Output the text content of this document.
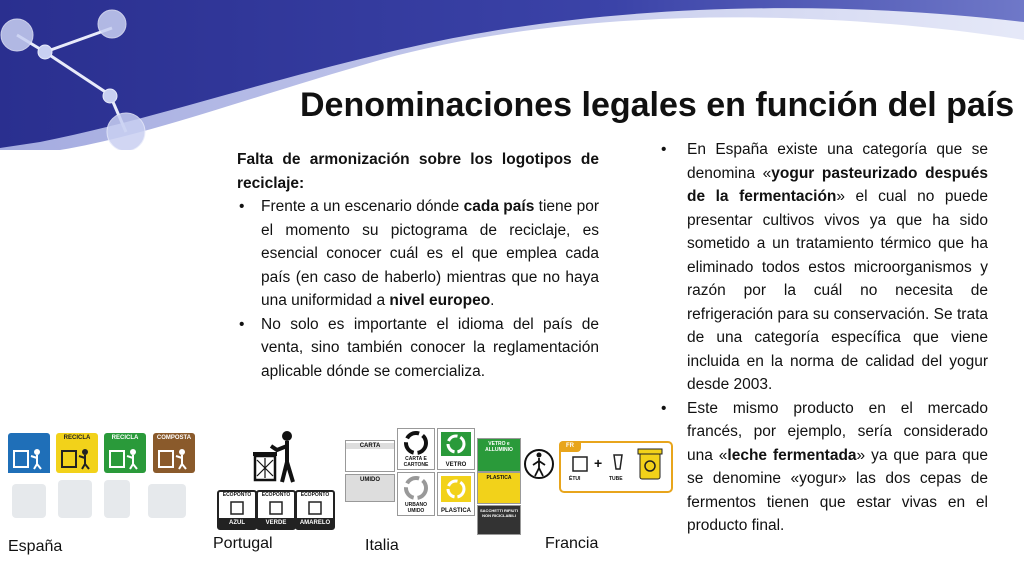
Denominaciones legales en función del país
Falta de armonización sobre los logotipos de reciclaje:
• Frente a un escenario dónde cada país tiene por el momento su pictograma de reciclaje, es esencial conocer cuál es el que emplea cada país (en caso de haberlo) mientras que no haya una uniformidad a nivel europeo.
• No solo es importante el idioma del país de venta, sino también conocer la reglamentación aplicable dónde se comercializa.
• En España existe una categoría que se denomina «yogur pasteurizado después de la fermentación» el cual no puede presentar cultivos vivos ya que ha sido sometido a un tratamiento térmico que ha eliminado todos estos microorganismos y razón por la cuál no necesita de refrigeración para su conservación. Se trata de una categoría específica que viene incluida en la norma de calidad del yogur desde 2003.
• Este mismo producto en el mercado francés, por ejemplo, sería considerado una «leche fermentada» ya que para que se denomine «yogur» las dos cepas de fermentos tienen que estar vivas en el producto final.
RECICLA	RECICLA	COMPOSTA
España
ECOPONTO
AZUL
ECOPONTO
VERDE
ECOPONTO
AMARELO
Portugal
CARTA
UMIDO
CARTA E CARTONE
URBANO UMIDO
VETRO
PLASTICA
VETRO e ALLUMINIO
PLASTICA
SACCHETTI RIFIUTI NON RICICLABILI
Italia
FR
+
ÉTUI	TUBE
Francia
